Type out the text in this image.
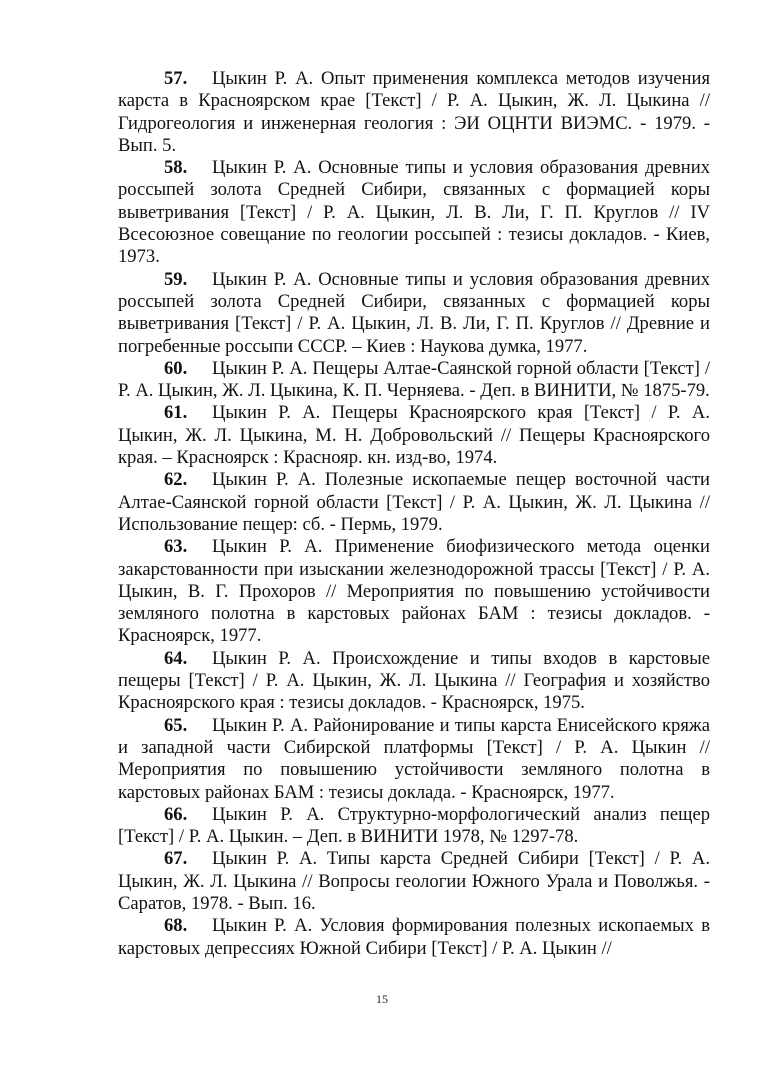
57. Цыкин Р. А. Опыт применения комплекса методов изучения карста в Красноярском крае [Текст] / Р. А. Цыкин, Ж. Л. Цыкина // Гидрогеология и инженерная геология : ЭИ ОЦНТИ ВИЭМС. - 1979. - Вып. 5.

58. Цыкин Р. А. Основные типы и условия образования древних россыпей золота Средней Сибири, связанных с формацией коры выветривания [Текст] / Р. А. Цыкин, Л. В. Ли, Г. П. Круглов // IV Всесоюзное совещание по геологии россыпей : тезисы докладов. - Киев, 1973.

59. Цыкин Р. А. Основные типы и условия образования древних россыпей золота Средней Сибири, связанных с формацией коры выветривания [Текст] / Р. А. Цыкин, Л. В. Ли, Г. П. Круглов // Древние и погребенные россыпи СССР. – Киев : Наукова думка, 1977.

60. Цыкин Р. А. Пещеры Алтае-Саянской горной области [Текст] / Р. А. Цыкин, Ж. Л. Цыкина, К. П. Черняева. - Деп. в ВИНИТИ, № 1875-79.

61. Цыкин Р. А. Пещеры Красноярского края [Текст] / Р. А. Цыкин, Ж. Л. Цыкина, М. Н. Добровольский // Пещеры Красноярского края. – Красноярск : Краснояр. кн. изд-во, 1974.

62. Цыкин Р. А. Полезные ископаемые пещер восточной части Алтае-Саянской горной области [Текст] / Р. А. Цыкин, Ж. Л. Цыкина // Использование пещер: сб. - Пермь, 1979.

63. Цыкин Р. А. Применение биофизического метода оценки закарстованности при изыскании железнодорожной трассы [Текст] / Р. А. Цыкин, В. Г. Прохоров // Мероприятия по повышению устойчивости земляного полотна в карстовых районах БАМ : тезисы докладов. - Красноярск, 1977.

64. Цыкин Р. А. Происхождение и типы входов в карстовые пещеры [Текст] / Р. А. Цыкин, Ж. Л. Цыкина // География и хозяйство Красноярского края : тезисы докладов. - Красноярск, 1975.

65. Цыкин Р. А. Районирование и типы карста Енисейского кряжа и западной части Сибирской платформы [Текст] / Р. А. Цыкин // Мероприятия по повышению устойчивости земляного полотна в карстовых районах БАМ : тезисы доклада. - Красноярск, 1977.

66. Цыкин Р. А. Структурно-морфологический анализ пещер [Текст] / Р. А. Цыкин. – Деп. в ВИНИТИ 1978, № 1297-78.

67. Цыкин Р. А. Типы карста Средней Сибири [Текст] / Р. А. Цыкин, Ж. Л. Цыкина // Вопросы геологии Южного Урала и Поволжья. - Саратов, 1978. - Вып. 16.

68. Цыкин Р. А. Условия формирования полезных ископаемых в карстовых депрессиях Южной Сибири [Текст] / Р. А. Цыкин //

15
